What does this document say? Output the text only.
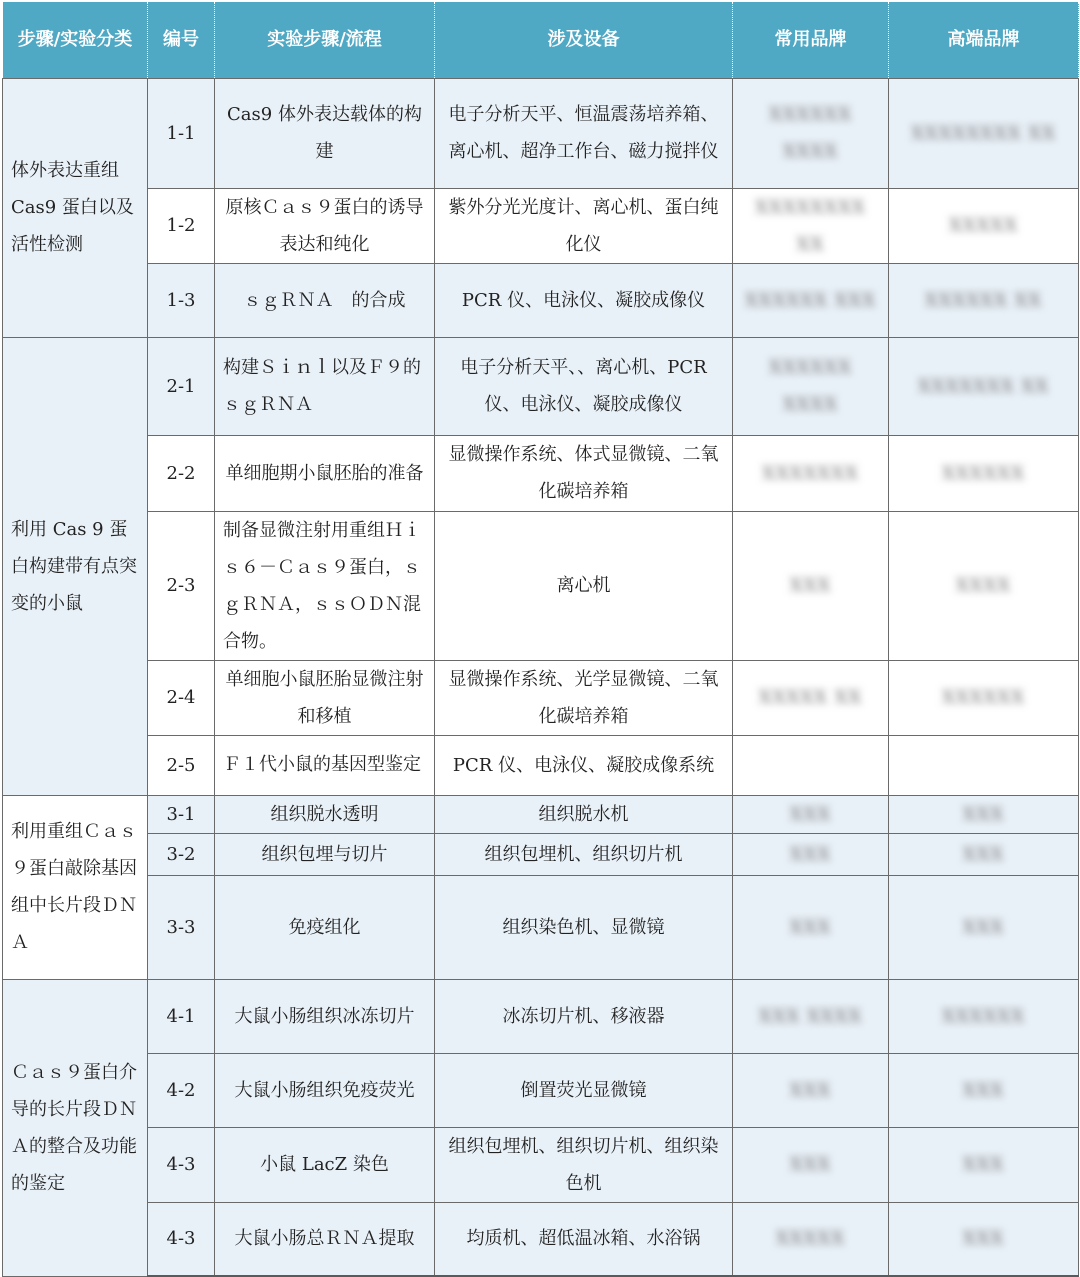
步骤/实验分类	编号	实验步骤/流程	涉及设备	常用品牌	高端品牌
体外表达重组Cas9 蛋白以及活性检测	1-1	Cas9 体外表达载体的构建	电子分析天平、恒温震荡培养箱、离心机、超净工作台、磁力搅拌仪	XXXXXX XXXX	XXXXXXXX XX
	1-2	原核Ｃａｓ９蛋白的诱导表达和纯化	紫外分光光度计、离心机、蛋白纯化仪	XXXXXXXX XX	XXXXX
	1-3	ｓｇＲＮＡ　的合成	PCR 仪、电泳仪、凝胶成像仪	XXXXXX XXX	XXXXXX XX
利用 Cas 9 蛋白构建带有点突变的小鼠	2-1	构建Ｓｉｎｌ以及Ｆ９的ｓｇＲＮＡ	电子分析天平、、离心机、PCR 仪、电泳仪、凝胶成像仪	XXXXXX XXXX	XXXXXXX XX
	2-2	单细胞期小鼠胚胎的准备	显微操作系统、体式显微镜、二氧化碳培养箱	XXXXXXX	XXXXXX
	2-3	制备显微注射用重组Ｈｉｓ６－Ｃａｓ９蛋白，ｓｇＲＮＡ，ｓｓＯＤＮ混合物。	离心机	XXX	XXXX
	2-4	单细胞小鼠胚胎显微注射和移植	显微操作系统、光学显微镜、二氧化碳培养箱	XXXXX XX	XXXXXX
	2-5	Ｆ１代小鼠的基因型鉴定	PCR 仪、电泳仪、凝胶成像系统		
利用重组Ｃａｓ９蛋白敲除基因组中长片段ＤＮＡ	3-1	组织脱水透明	组织脱水机	XXX	XXX
	3-2	组织包埋与切片	组织包埋机、组织切片机	XXX	XXX
	3-3	免疫组化	组织染色机、显微镜	XXX	XXX
Ｃａｓ９蛋白介导的长片段ＤＮＡ的整合及功能的鉴定	4-1	大鼠小肠组织冰冻切片	冰冻切片机、移液器	XXX XXXX	XXXXXX
	4-2	大鼠小肠组织免疫荧光	倒置荧光显微镜	XXX	XXX
	4-3	小鼠 LacZ 染色	组织包埋机、组织切片机、组织染色机	XXX	XXX
	4-3	大鼠小肠总ＲＮＡ提取	均质机、超低温冰箱、水浴锅	XXXXX	XXX
